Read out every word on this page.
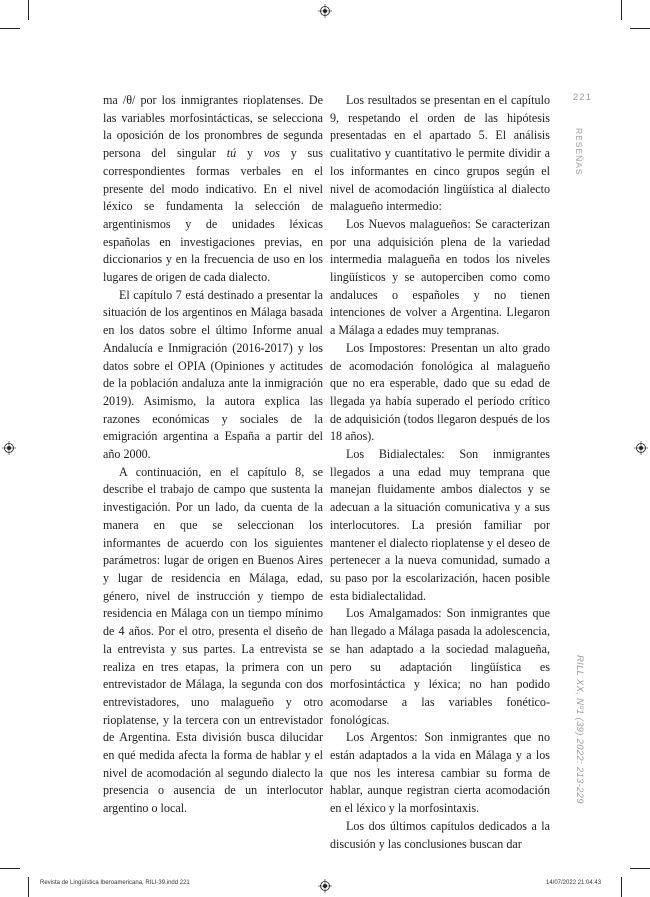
ma /θ/ por los inmigrantes rioplatenses. De las variables morfosintácticas, se selecciona la oposición de los pronombres de segunda persona del singular tú y vos y sus correspondientes formas verbales en el presente del modo indicativo. En el nivel léxico se fundamenta la selección de argentinismos y de unidades léxicas españolas en investigaciones previas, en diccionarios y en la frecuencia de uso en los lugares de origen de cada dialecto.

El capítulo 7 está destinado a presentar la situación de los argentinos en Málaga basada en los datos sobre el último Informe anual Andalucía e Inmigración (2016-2017) y los datos sobre el OPIA (Opiniones y actitudes de la población andaluza ante la inmigración 2019). Asimismo, la autora explica las razones económicas y sociales de la emigración argentina a España a partir del año 2000.

A continuación, en el capítulo 8, se describe el trabajo de campo que sustenta la investigación. Por un lado, da cuenta de la manera en que se seleccionan los informantes de acuerdo con los siguientes parámetros: lugar de origen en Buenos Aires y lugar de residencia en Málaga, edad, género, nivel de instrucción y tiempo de residencia en Málaga con un tiempo mínimo de 4 años. Por el otro, presenta el diseño de la entrevista y sus partes. La entrevista se realiza en tres etapas, la primera con un entrevistador de Málaga, la segunda con dos entrevistadores, uno malagueño y otro rioplatense, y la tercera con un entrevistador de Argentina. Esta división busca dilucidar en qué medida afecta la forma de hablar y el nivel de acomodación al segundo dialecto la presencia o ausencia de un interlocutor argentino o local.

Los resultados se presentan en el capítulo 9, respetando el orden de las hipótesis presentadas en el apartado 5. El análisis cualitativo y cuantitativo le permite dividir a los informantes en cinco grupos según el nivel de acomodación lingüística al dialecto malagueño intermedio:

Los Nuevos malagueños: Se caracterizan por una adquisición plena de la variedad intermedia malagueña en todos los niveles lingüísticos y se autoperciben como como andaluces o españoles y no tienen intenciones de volver a Argentina. Llegaron a Málaga a edades muy tempranas.

Los Impostores: Presentan un alto grado de acomodación fonológica al malagueño que no era esperable, dado que su edad de llegada ya había superado el período crítico de adquisición (todos llegaron después de los 18 años).

Los Bidialectales: Son inmigrantes llegados a una edad muy temprana que manejan fluidamente ambos dialectos y se adecuan a la situación comunicativa y a sus interlocutores. La presión familiar por mantener el dialecto rioplatense y el deseo de pertenecer a la nueva comunidad, sumado a su paso por la escolarización, hacen posible esta bidialectalidad.

Los Amalgamados: Son inmigrantes que han llegado a Málaga pasada la adolescencia, se han adaptado a la sociedad malagueña, pero su adaptación lingüística es morfosintáctica y léxica; no han podido acomodarse a las variables fonético-fonológicas.

Los Argentos: Son inmigrantes que no están adaptados a la vida en Málaga y a los que nos les interesa cambiar su forma de hablar, aunque registran cierta acomodación en el léxico y la morfosintaxis.

Los dos últimos capítulos dedicados a la discusión y las conclusiones buscan dar

221
RESEÑAS
RILL XX, Nº1 (39) 2022: 213-229
Revista de Lingüística Iberoamericana, RILI-39.indd 221	14/07/2022 21:04:43
